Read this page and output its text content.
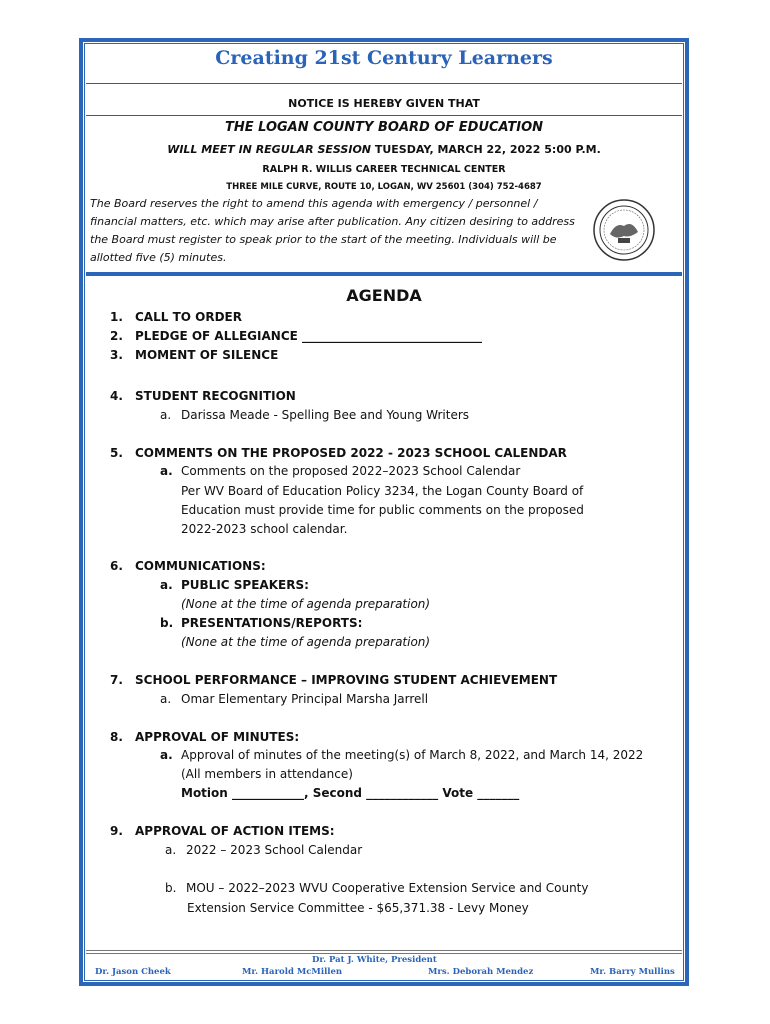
Creating 21st Century Learners
NOTICE IS HEREBY GIVEN THAT
THE LOGAN COUNTY BOARD OF EDUCATION
WILL MEET IN REGULAR SESSION TUESDAY, MARCH 22, 2022 5:00 P.M.
RALPH R. WILLIS CAREER TECHNICAL CENTER
THREE MILE CURVE, ROUTE 10, LOGAN, WV 25601 (304) 752-4687
The Board reserves the right to amend this agenda with emergency / personnel /
financial matters, etc. which may arise after publication. Any citizen desiring to address
the Board must register to speak prior to the start of the meeting. Individuals will be
allotted five (5) minutes.
AGENDA
1. CALL TO ORDER
2. PLEDGE OF ALLEGIANCE ______________________________
3. MOMENT OF SILENCE
4. STUDENT RECOGNITION
a. Darissa Meade - Spelling Bee and Young Writers
5. COMMENTS ON THE PROPOSED 2022 - 2023 SCHOOL CALENDAR
a. Comments on the proposed 2022–2023 School Calendar
Per WV Board of Education Policy 3234, the Logan County Board of
Education must provide time for public comments on the proposed
2022-2023 school calendar.
6. COMMUNICATIONS:
a. PUBLIC SPEAKERS:
(None at the time of agenda preparation)
b. PRESENTATIONS/REPORTS:
(None at the time of agenda preparation)
7. SCHOOL PERFORMANCE – IMPROVING STUDENT ACHIEVEMENT
a. Omar Elementary Principal Marsha Jarrell
8. APPROVAL OF MINUTES:
a. Approval of minutes of the meeting(s) of March 8, 2022, and March 14, 2022
(All members in attendance)
Motion ____________, Second ____________ Vote _______
9. APPROVAL OF ACTION ITEMS:
a. 2022 – 2023 School Calendar
b. MOU – 2022–2023 WVU Cooperative Extension Service and County
Extension Service Committee - $65,371.38 - Levy Money
Dr. Pat J. White, President
Dr. Jason Cheek	Mr. Harold McMillen	Mrs. Deborah Mendez	Mr. Barry Mullins
